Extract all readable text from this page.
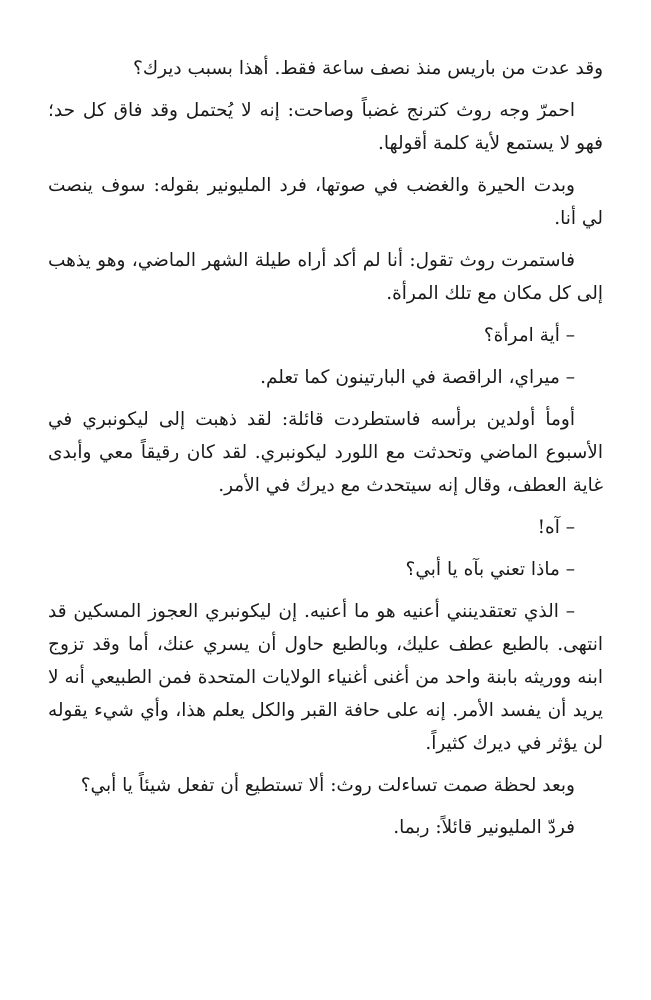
وقد عدت من باريس منذ نصف ساعة فقط. أهذا بسبب ديرك؟

احمرّ وجه روث كترنج غضباً وصاحت: إنه لا يُحتمل وقد فاق كل حد؛ فهو لا يستمع لأية كلمة أقولها.

وبدت الحيرة والغضب في صوتها، فرد المليونير بقوله: سوف ينصت لي أنا.

فاستمرت روث تقول: أنا لم أكد أراه طيلة الشهر الماضي، وهو يذهب إلى كل مكان مع تلك المرأة.

– أية امرأة؟

– ميراي، الراقصة في البارتينون كما تعلم.

أومأ أولدين برأسه فاستطردت قائلة: لقد ذهبت إلى ليكونبري في الأسبوع الماضي وتحدثت مع اللورد ليكونبري. لقد كان رقيقاً معي وأبدى غاية العطف، وقال إنه سيتحدث مع ديرك في الأمر.

– آه!

– ماذا تعني بآه يا أبي؟

– الذي تعتقدينني أعنيه هو ما أعنيه. إن ليكونبري العجوز المسكين قد انتهى. بالطبع عطف عليك، وبالطبع حاول أن يسري عنك، أما وقد تزوج ابنه ووريثه بابنة واحد من أغنى أغنياء الولايات المتحدة فمن الطبيعي أنه لا يريد أن يفسد الأمر. إنه على حافة القبر والكل يعلم هذا، وأي شيء يقوله لن يؤثر في ديرك كثيراً.

وبعد لحظة صمت تساءلت روث: ألا تستطيع أن تفعل شيئاً يا أبي؟

فردّ المليونير قائلاً: ربما.
